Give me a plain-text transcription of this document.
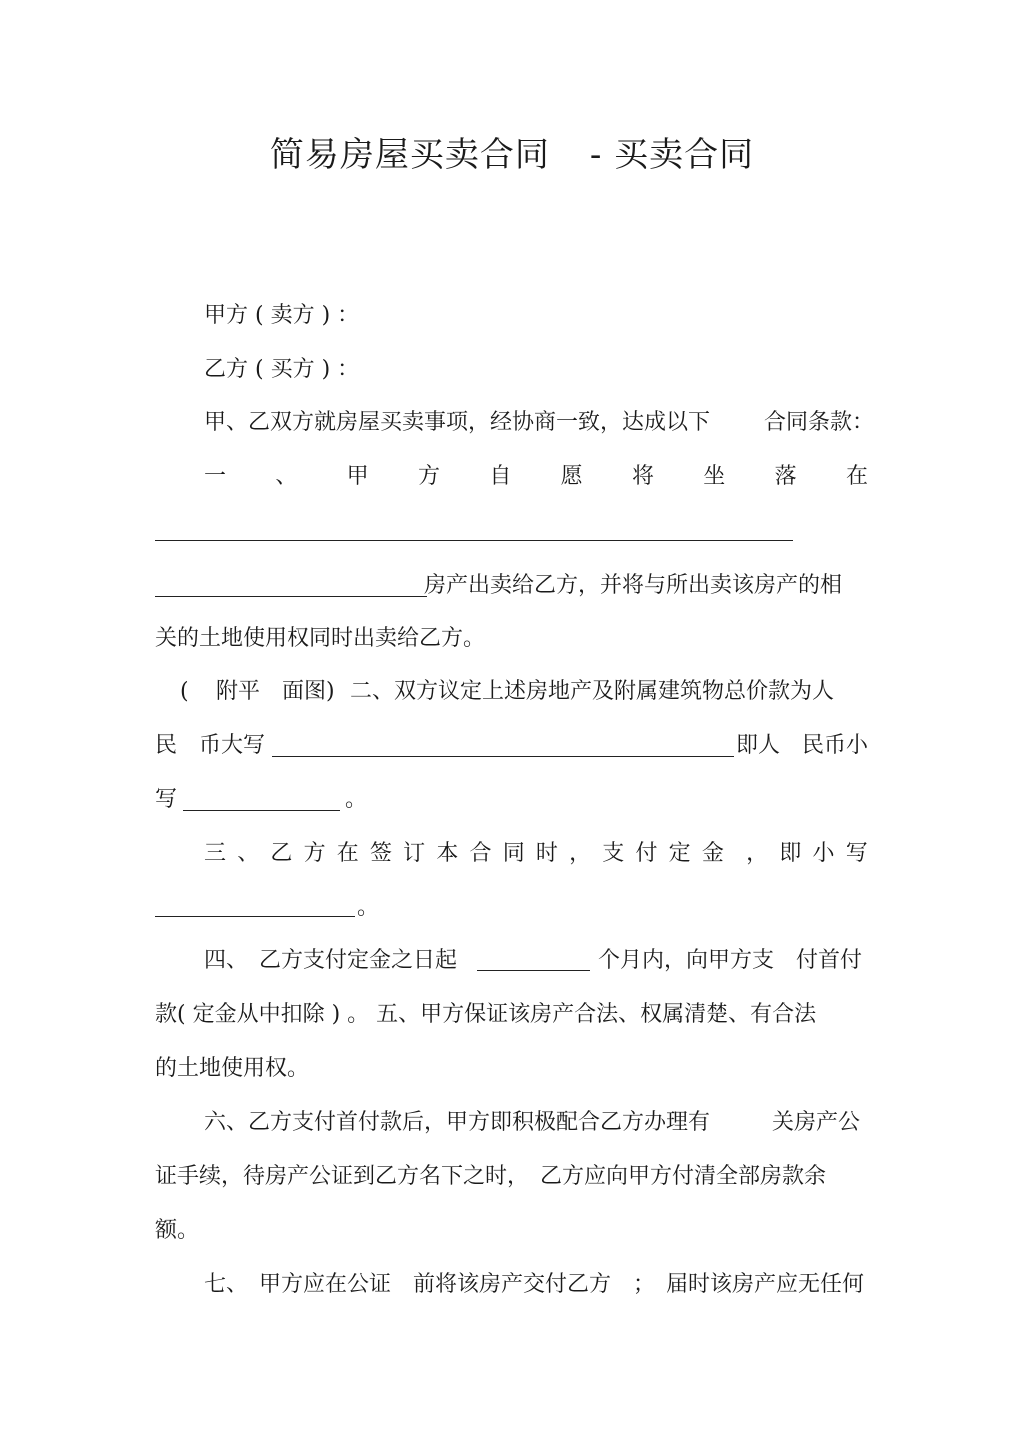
简易房屋买卖合同 - 买卖合同
甲方 ( 卖方 ) ：
乙方 ( 买方 ) ：
甲、乙双方就房屋买卖事项，经协商一致，达成以下 合同条款：
一 、 甲 方 自 愿 将 坐 落 在
房产出卖给乙方，并将与所出卖该房产的相
关的土地使用权同时出卖给乙方。
( 附平　面图) 二、双方议定上述房地产及附属建筑物总价款为人
民　币大写	即人　民币小
写	。
三 、 乙 方 在 签 订 本 合 同 时 ， 支 付 定 金 ， 即 小 写
。
四、　乙方支付定金之日起	个月内，向甲方支　付首付
款( 定金从中扣除 ) 。 五、甲方保证该房产合法、权属清楚、有合法
的土地使用权。
六、乙方支付首付款后，甲方即积极配合乙方办理有	关房产公
证手续，待房产公证到乙方名下之时，　乙方应向甲方付清全部房款余
额。
七、　甲方应在公证　前将该房产交付乙方　；　届时该房产应无任何
